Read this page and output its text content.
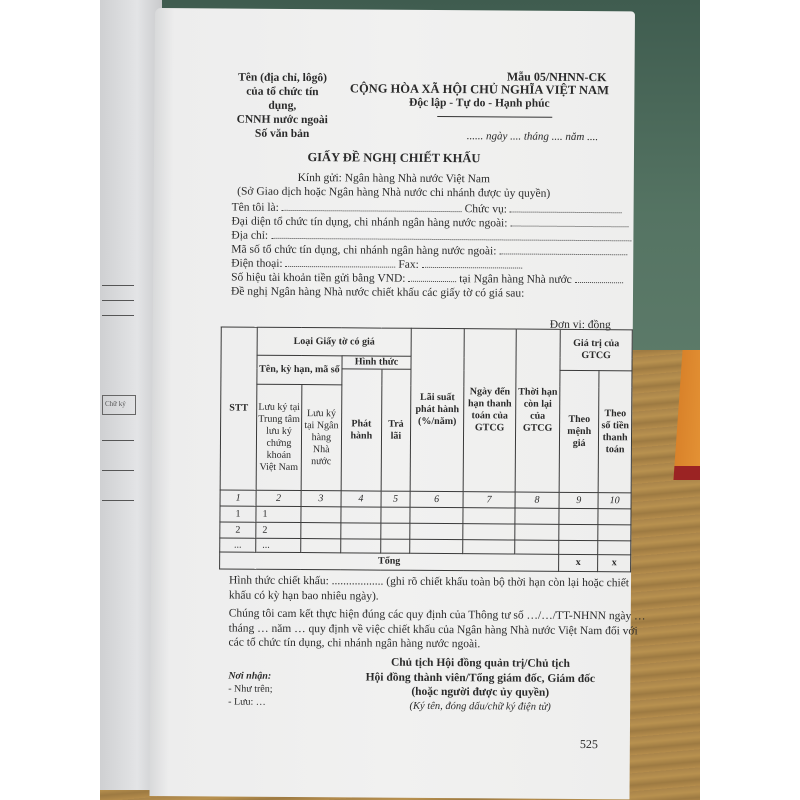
Chữ ký
Tên (địa chỉ, lôgô)
của tổ chức tín dụng,
CNNH nước ngoài
Số văn bản
Mẫu 05/NHNN-CK
CỘNG HÒA XÃ HỘI CHỦ NGHĨA VIỆT NAM
Độc lập - Tự do - Hạnh phúc
...... ngày .... tháng .... năm ....
GIẤY ĐỀ NGHỊ CHIẾT KHẤU
Kính gửi: Ngân hàng Nhà nước Việt Nam
(Sở Giao dịch hoặc Ngân hàng Nhà nước chi nhánh được ủy quyền)
Tên tôi là:	Chức vụ:
Đại diện tổ chức tín dụng, chi nhánh ngân hàng nước ngoài:
Địa chỉ:
Mã số tổ chức tín dụng, chi nhánh ngân hàng nước ngoài:
Điện thoại:	Fax:
Số hiệu tài khoản tiền gửi bằng VND:	tại Ngân hàng Nhà nước
Đề nghị Ngân hàng Nhà nước chiết khấu các giấy tờ có giá sau:
Đơn vị: đồng
STT	Loại Giấy tờ có giá				Lãi suất phát hành (%/năm)	Ngày đến hạn thanh toán của GTCG	Thời hạn còn lại của GTCG	Giá trị của GTCG	
	Tên, kỳ hạn, mã số		Hình thức						
			Phát hành	Trả lãi				Theo mệnh giá	Theo số tiền thanh toán
	Lưu ký tại Trung tâm lưu ký chứng khoán Việt Nam	Lưu ký tại Ngân hàng Nhà nước							
1	2	3	4	5	6	7	8	9	10
1	1								
2	2								
...	...								
Tổng								x	x
Hình thức chiết khấu: .................. (ghi rõ chiết khấu toàn bộ thời hạn còn lại hoặc chiết khấu có kỳ hạn bao nhiêu ngày).
Chúng tôi cam kết thực hiện đúng các quy định của Thông tư số …/…/TT-NHNN ngày … tháng … năm … quy định về việc chiết khấu của Ngân hàng Nhà nước Việt Nam đối với các tổ chức tín dụng, chi nhánh ngân hàng nước ngoài.
Nơi nhận:
- Như trên;
- Lưu: …
Chủ tịch Hội đồng quản trị/Chủ tịch
Hội đồng thành viên/Tổng giám đốc, Giám đốc
(hoặc người được ủy quyền)
(Ký tên, đóng dấu/chữ ký điện tử)
525
